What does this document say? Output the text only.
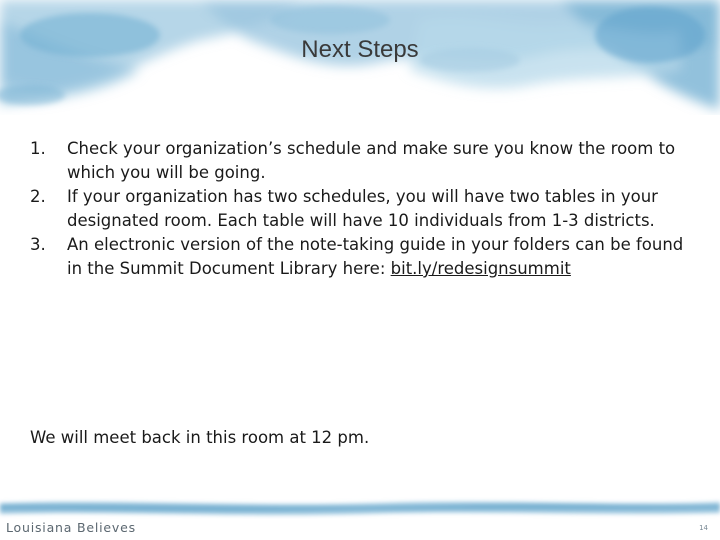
Next Steps
1.	Check your organization’s schedule and make sure you know the room to which you will be going.
2.	If your organization has two schedules, you will have two tables in your designated room. Each table will have 10 individuals from 1-3 districts.
3.	An electronic version of the note-taking guide in your folders can be found in the Summit Document Library here: bit.ly/redesignsummit
We will meet back in this room at 12 pm.
Louisiana Believes	14
